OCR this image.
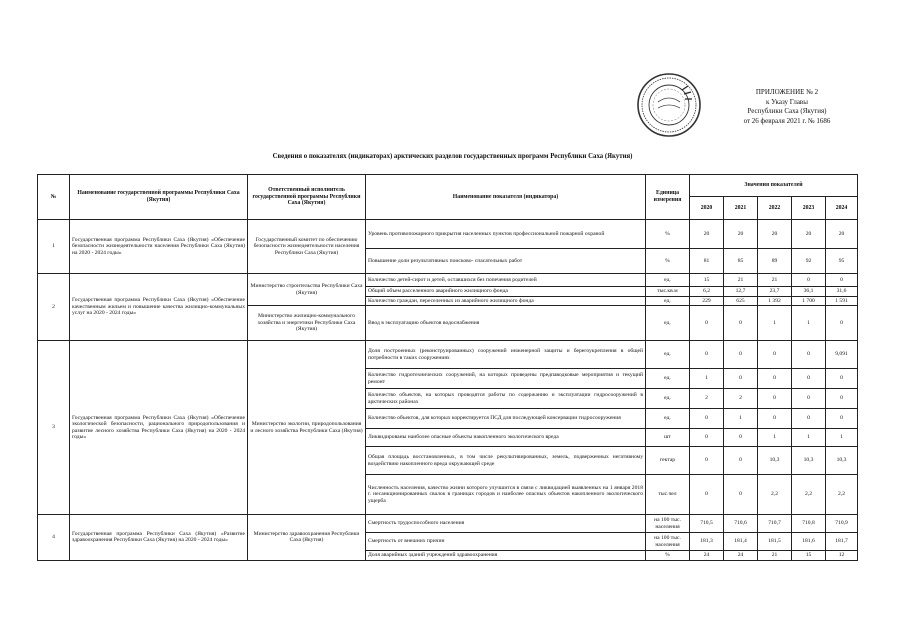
ПРИЛОЖЕНИЕ № 2
к Указу Главы
Республики Саха (Якутия)
от 26 февраля 2021 г. № 1686
Сведения о показателях (индикаторах) арктических разделов государственных программ Республики Саха (Якутия)
№	Наименование государственной программы Республики Саха (Якутия)	Ответственный исполнитель государственной программы Республики Саха (Якутия)	Наименование показателя (индикатора)	Единица измерения	Значения показателей				
					2020	2021	2022	2023	2024
1	Государственная программа Республики Саха (Якутия) «Обеспечение безопасности жизнедеятельности населения Республики Саха (Якутия) на 2020 - 2024 годы»	Государственный комитет по обеспечению безопасности жизнедеятельности населения Республики Саха (Якутия)	Уровень противопожарного прикрытия населенных пунктов профессиональной пожарной охраной	%	20	20	20	20	20
			Повышение доли результативных поисково- спасательных работ	%	81	85	89	92	95
2	Государственная программа Республики Саха (Якутия) «Обеспечение качественным жильем и повышение качества жилищно-коммунальных услуг на 2020 - 2024 годы»	Министерство строительства Республики Саха (Якутия)	Количество детей-сирот и детей, оставшихся без попечения родителей	ед.	15	21	21	0	0
			Общий объем расселенного аварийного жилищного фонда	тыс.кв.м	6,2	12,7	23,7	36,1	31,6
			Количество граждан, переселенных из аварийного жилищного фонда	ед.	229	625	1 392	1 700	1 591
		Министерство жилищно-коммунального хозяйства и энергетики Республики Саха (Якутия)	Ввод в эксплуатацию объектов водоснабжения	ед.	0	0	1	1	0
3	Государственная программа Республики Саха (Якутия) «Обеспечение экологической безопасности, рационального природопользования и развитие лесного хозяйства Республики Саха (Якутия) на 2020 - 2024 годы»	Министерство экологии, природопользования и лесного хозяйства Республики Саха (Якутия)	Доля построенных (реконструированных) сооружений инженерной защиты и берегоукрепления в общей потребности в таких сооружениях	ед.	0	0	0	0	9,091
			Количество гидротехнических сооружений, на которых проведены предпаводковые мероприятия и текущий ремонт	ед.	1	0	0	0	0
			Количество объектов, на которых проводятся работы по содержанию и эксплуатации гидросооружений в арктических районах	ед.	2	2	0	0	0
			Количество объектов, для которых корректируется ПСД для последующей консервации гидросооружения	ед.	0	1	0	0	0
			Ликвидированы наиболее опасные объекты накопленного экологического вреда	шт	0	0	1	1	1
			Общая площадь восстановленных, в том числе рекультивированных, земель, подверженных негативному воздействию накопленного вреда окружающей среде	гектар	0	0	10,3	10,3	10,3
			Численность населения, качество жизни которого улучшится в связи с ликвидацией выявленных на 1 января 2018 г. несанкционированных свалок в границах городов и наиболее опасных объектов накопленного экологического ущерба	тыс.чел	0	0	2,2	2,2	2,2
4	Государственная программа Республики Саха (Якутия) «Развитие здравоохранения Республики Саха (Якутия) на 2020 - 2024 годы»	Министерство здравоохранения Республики Саха (Якутия)	Смертность трудоспособного населения	на 100 тыс. населения	710,5	710,6	710,7	710,8	710,9
			Смертность от внешних причин	на 100 тыс. населения	181,3	181,4	181,5	181,6	181,7
			Доля аварийных зданий учреждений здравоохранения	%	24	24	21	15	12
